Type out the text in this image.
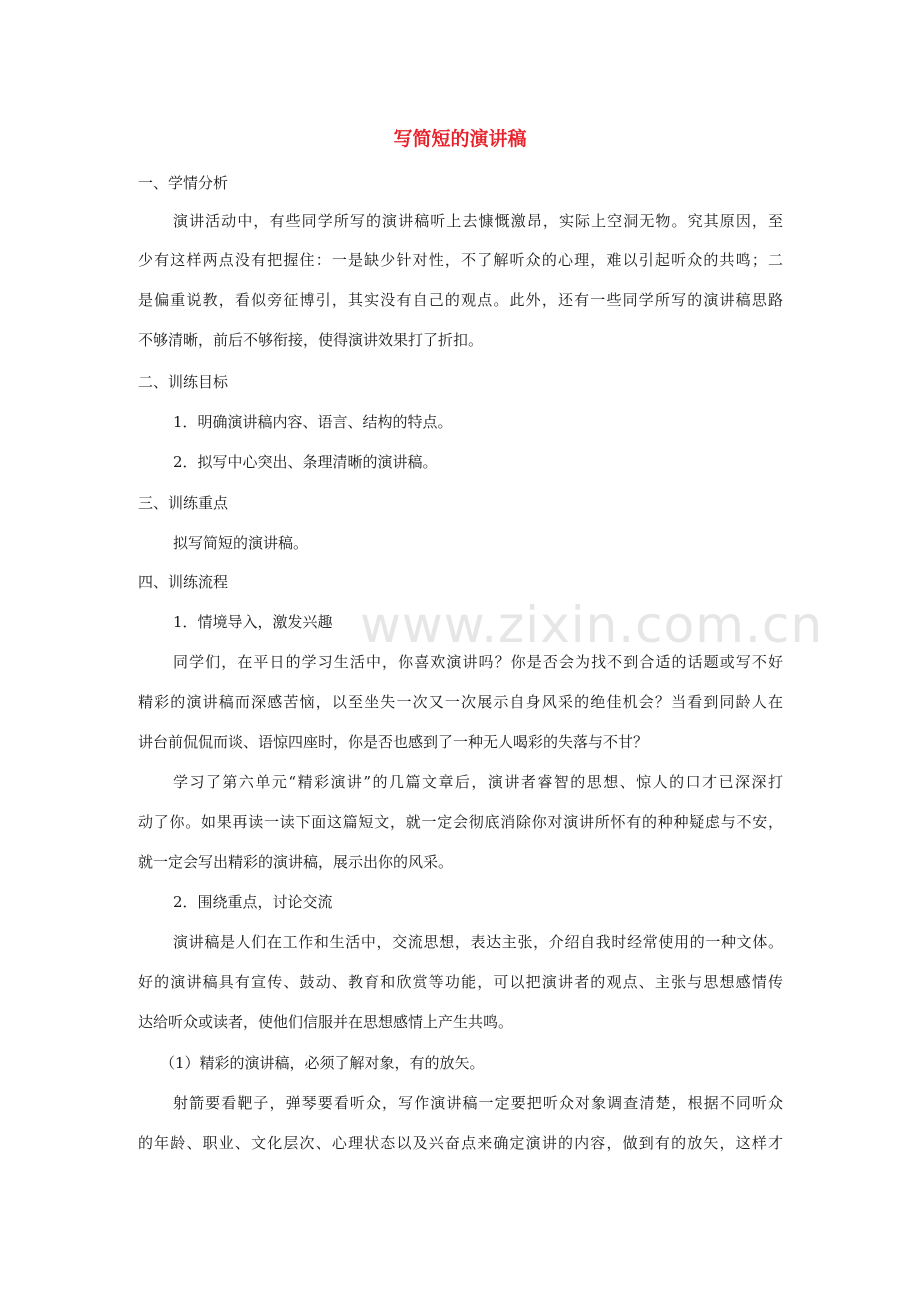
www.zixin.com.cn
写简短的演讲稿
一、学情分析
演讲活动中，有些同学所写的演讲稿听上去慷慨激昂，实际上空洞无物。究其原因，至
少有这样两点没有把握住：一是缺少针对性，不了解听众的心理，难以引起听众的共鸣；二
是偏重说教，看似旁征博引，其实没有自己的观点。此外，还有一些同学所写的演讲稿思路
不够清晰，前后不够衔接，使得演讲效果打了折扣。
二、训练目标
1．明确演讲稿内容、语言、结构的特点。
2．拟写中心突出、条理清晰的演讲稿。
三、训练重点
拟写简短的演讲稿。
四、训练流程
1．情境导入，激发兴趣
同学们，在平日的学习生活中，你喜欢演讲吗？你是否会为找不到合适的话题或写不好
精彩的演讲稿而深感苦恼，以至坐失一次又一次展示自身风采的绝佳机会？当看到同龄人在
讲台前侃侃而谈、语惊四座时，你是否也感到了一种无人喝彩的失落与不甘？
学习了第六单元“精彩演讲”的几篇文章后，演讲者睿智的思想、惊人的口才已深深打
动了你。如果再读一读下面这篇短文，就一定会彻底消除你对演讲所怀有的种种疑虑与不安，
就一定会写出精彩的演讲稿，展示出你的风采。
2．围绕重点，讨论交流
演讲稿是人们在工作和生活中，交流思想，表达主张，介绍自我时经常使用的一种文体。
好的演讲稿具有宣传、鼓动、教育和欣赏等功能，可以把演讲者的观点、主张与思想感情传
达给听众或读者，使他们信服并在思想感情上产生共鸣。
（1）精彩的演讲稿，必须了解对象，有的放矢。
射箭要看靶子，弹琴要看听众，写作演讲稿一定要把听众对象调查清楚，根据不同听众
的年龄、职业、文化层次、心理状态以及兴奋点来确定演讲的内容，做到有的放矢，这样才
